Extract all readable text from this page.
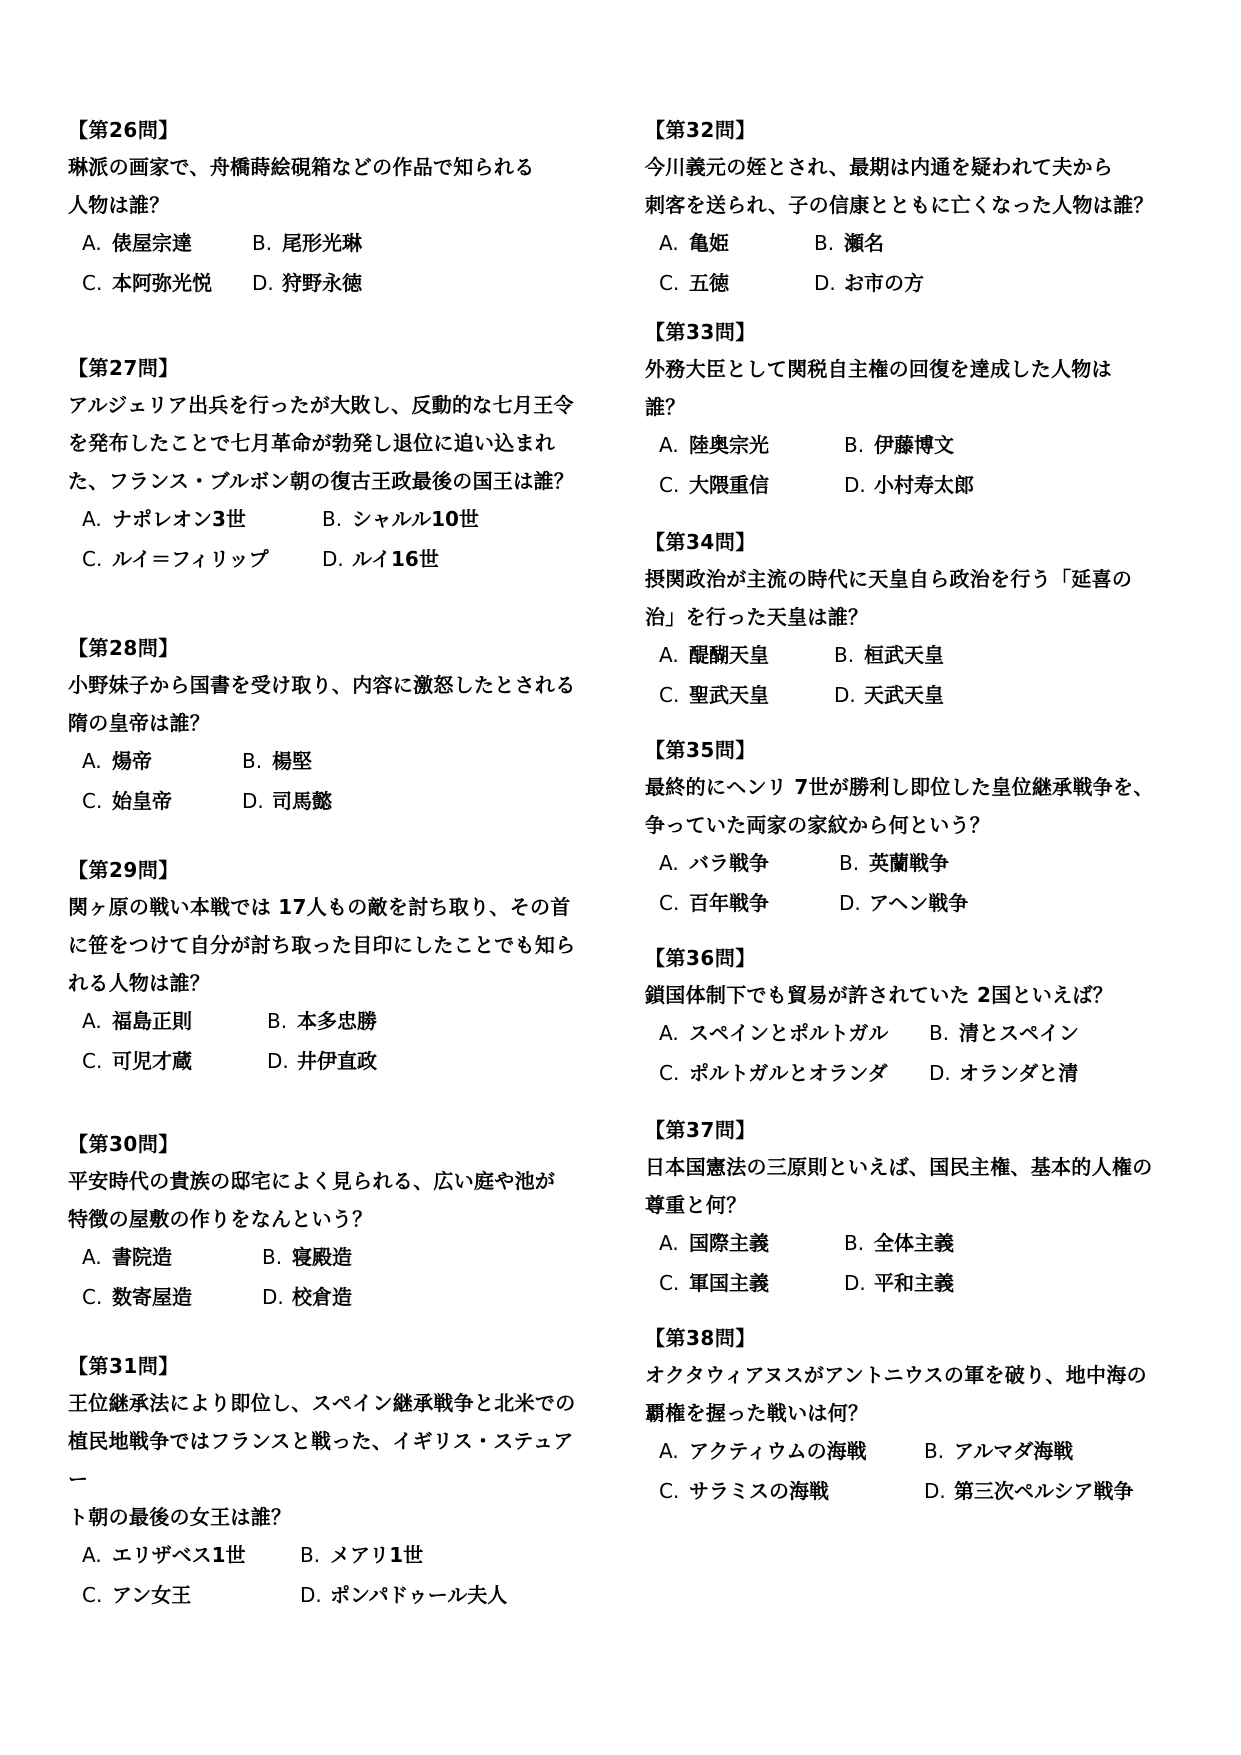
【第26問】
琳派の画家で、舟橋蒔絵硯箱などの作品で知られる
人物は誰？
A. 俵屋宗達	B. 尾形光琳
C. 本阿弥光悦	D. 狩野永徳
【第27問】
アルジェリア出兵を行ったが大敗し、反動的な七月王令
を発布したことで七月革命が勃発し退位に追い込まれ
た、フランス・ブルボン朝の復古王政最後の国王は誰？
A. ナポレオン3世	B. シャルル10世
C. ルイ＝フィリップ	D. ルイ16世
【第28問】
小野妹子から国書を受け取り、内容に激怒したとされる
隋の皇帝は誰？
A. 煬帝	B. 楊堅
C. 始皇帝	D. 司馬懿
【第29問】
関ヶ原の戦い本戦では 17人もの敵を討ち取り、その首
に笹をつけて自分が討ち取った目印にしたことでも知ら
れる人物は誰？
A. 福島正則	B. 本多忠勝
C. 可児才蔵	D. 井伊直政
【第30問】
平安時代の貴族の邸宅によく見られる、広い庭や池が
特徴の屋敷の作りをなんという？
A. 書院造	B. 寝殿造
C. 数寄屋造	D. 校倉造
【第31問】
王位継承法により即位し、スペイン継承戦争と北米での
植民地戦争ではフランスと戦った、イギリス・ステュアー
ト朝の最後の女王は誰？
A. エリザベス1世	B. メアリ1世
C. アン女王	D. ポンパドゥール夫人
【第32問】
今川義元の姪とされ、最期は内通を疑われて夫から
刺客を送られ、子の信康とともに亡くなった人物は誰？
A. 亀姫	B. 瀬名
C. 五徳	D. お市の方
【第33問】
外務大臣として関税自主権の回復を達成した人物は
誰？
A. 陸奥宗光	B. 伊藤博文
C. 大隈重信	D. 小村寿太郎
【第34問】
摂関政治が主流の時代に天皇自ら政治を行う「延喜の
治」を行った天皇は誰？
A. 醍醐天皇	B. 桓武天皇
C. 聖武天皇	D. 天武天皇
【第35問】
最終的にヘンリ 7世が勝利し即位した皇位継承戦争を、
争っていた両家の家紋から何という？
A. バラ戦争	B. 英蘭戦争
C. 百年戦争	D. アヘン戦争
【第36問】
鎖国体制下でも貿易が許されていた 2国といえば？
A. スペインとポルトガル	B. 清とスペイン
C. ポルトガルとオランダ	D. オランダと清
【第37問】
日本国憲法の三原則といえば、国民主権、基本的人権の
尊重と何？
A. 国際主義	B. 全体主義
C. 軍国主義	D. 平和主義
【第38問】
オクタウィアヌスがアントニウスの軍を破り、地中海の
覇権を握った戦いは何？
A. アクティウムの海戦	B. アルマダ海戦
C. サラミスの海戦	D. 第三次ペルシア戦争
